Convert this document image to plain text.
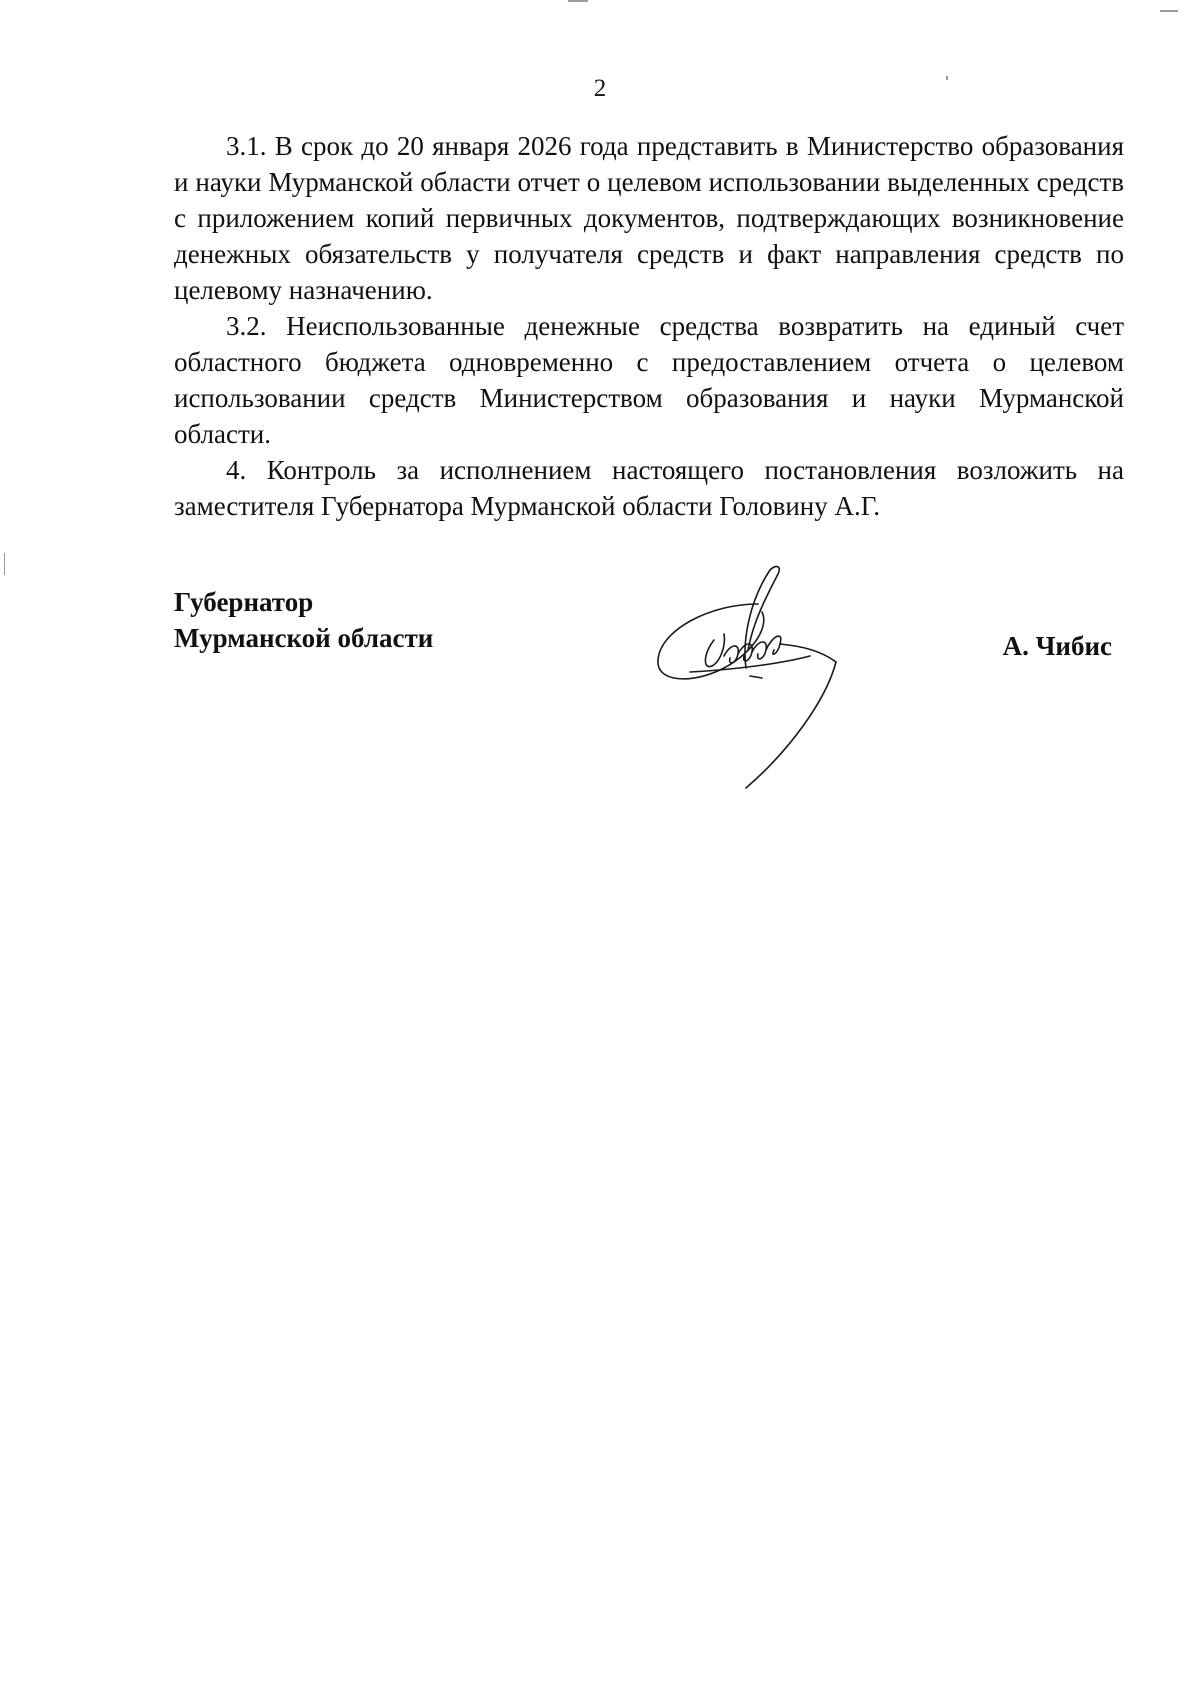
2

3.1. В срок до 20 января 2026 года представить в Министерство образования и науки Мурманской области отчет о целевом использовании выделенных средств с приложением копий первичных документов, подтверждающих возникновение денежных обязательств у получателя средств и факт направления средств по целевому назначению.

3.2. Неиспользованные денежные средства возвратить на единый счет областного бюджета одновременно с предоставлением отчета о целевом использовании средств Министерством образования и науки Мурманской области.

4. Контроль за исполнением настоящего постановления возложить на заместителя Губернатора Мурманской области Головину А.Г.

Губернатор
Мурманской области	А. Чибис
